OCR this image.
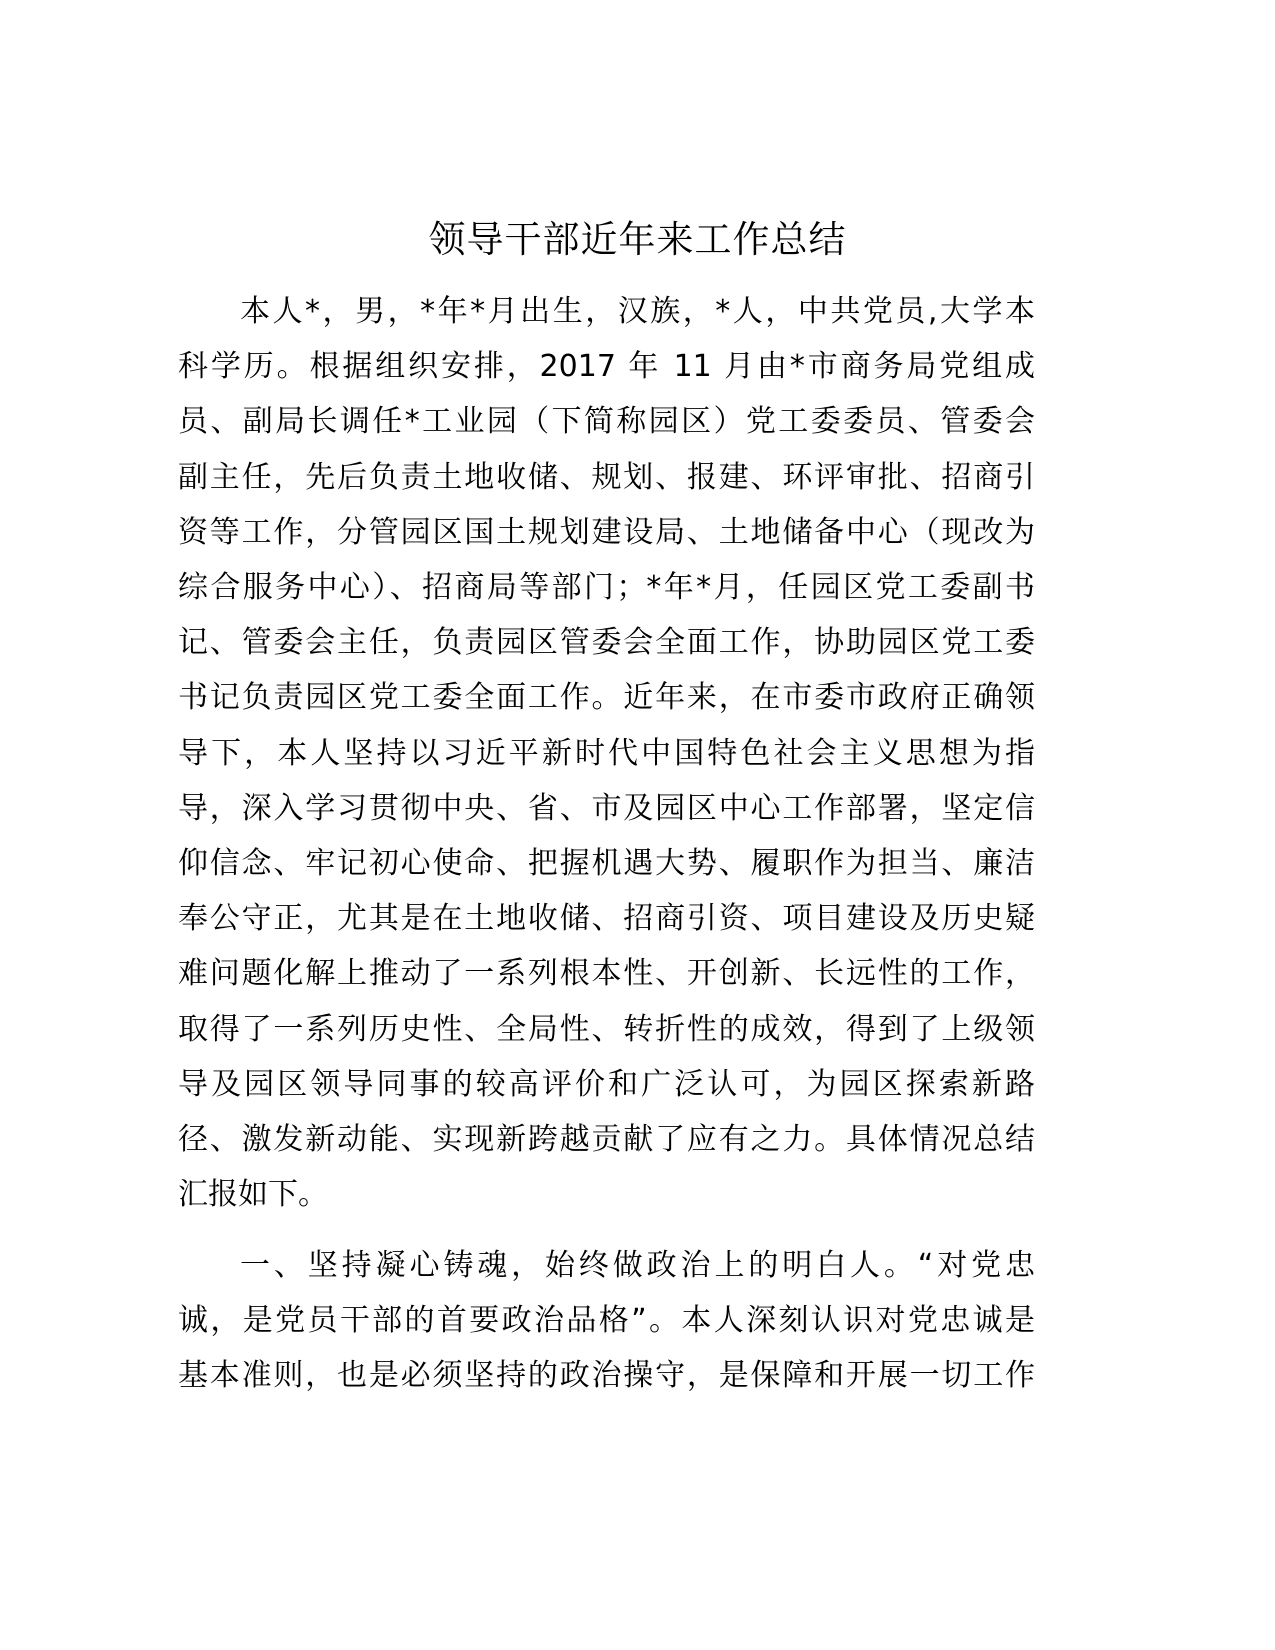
领导干部近年来工作总结
本人*，男，*年*月出生，汉族，*人，中共党员,大学本
科学历。根据组织安排，2017 年 11 月由*市商务局党组成
员、副局长调任*工业园（下简称园区）党工委委员、管委会
副主任，先后负责土地收储、规划、报建、环评审批、招商引
资等工作，分管园区国土规划建设局、土地储备中心（现改为
综合服务中心）、招商局等部门；*年*月，任园区党工委副书
记、管委会主任，负责园区管委会全面工作，协助园区党工委
书记负责园区党工委全面工作。近年来，在市委市政府正确领
导下，本人坚持以习近平新时代中国特色社会主义思想为指
导，深入学习贯彻中央、省、市及园区中心工作部署，坚定信
仰信念、牢记初心使命、把握机遇大势、履职作为担当、廉洁
奉公守正，尤其是在土地收储、招商引资、项目建设及历史疑
难问题化解上推动了一系列根本性、开创新、长远性的工作，
取得了一系列历史性、全局性、转折性的成效，得到了上级领
导及园区领导同事的较高评价和广泛认可，为园区探索新路
径、激发新动能、实现新跨越贡献了应有之力。具体情况总结
汇报如下。
一、坚持凝心铸魂，始终做政治上的明白人。“对党忠
诚，是党员干部的首要政治品格”。本人深刻认识对党忠诚是
基本准则，也是必须坚持的政治操守，是保障和开展一切工作
